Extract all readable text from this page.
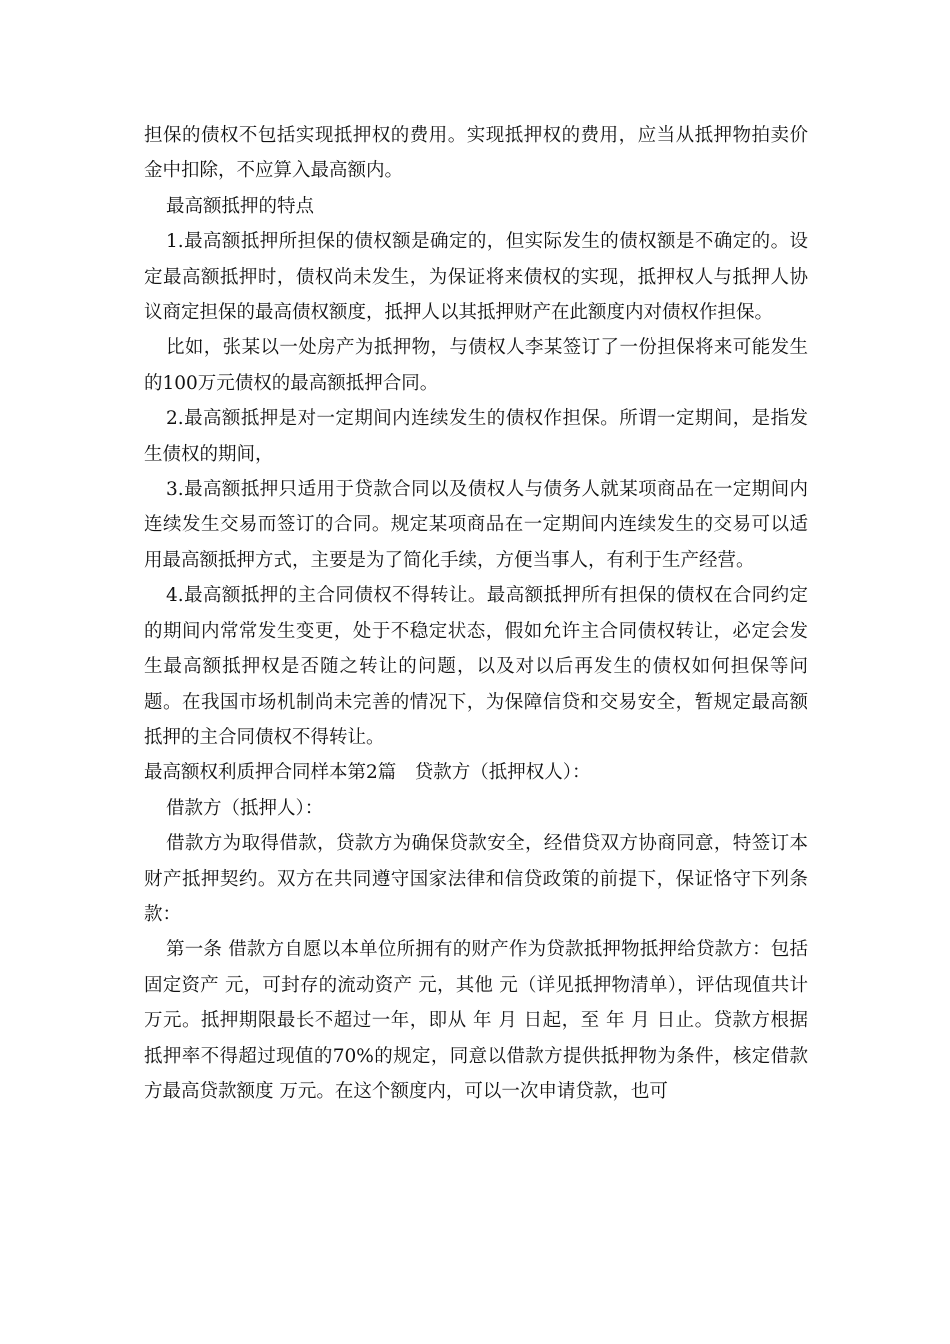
担保的债权不包括实现抵押权的费用。实现抵押权的费用，应当从抵押物拍卖价金中扣除，不应算入最高额内。

最高额抵押的特点

1.最高额抵押所担保的债权额是确定的，但实际发生的债权额是不确定的。设定最高额抵押时，债权尚未发生，为保证将来债权的实现，抵押权人与抵押人协议商定担保的最高债权额度，抵押人以其抵押财产在此额度内对债权作担保。

比如，张某以一处房产为抵押物，与债权人李某签订了一份担保将来可能发生的100万元债权的最高额抵押合同。

2.最高额抵押是对一定期间内连续发生的债权作担保。所谓一定期间，是指发生债权的期间，

3.最高额抵押只适用于贷款合同以及债权人与债务人就某项商品在一定期间内连续发生交易而签订的合同。规定某项商品在一定期间内连续发生的交易可以适用最高额抵押方式，主要是为了简化手续，方便当事人，有利于生产经营。

4.最高额抵押的主合同债权不得转让。最高额抵押所有担保的债权在合同约定的期间内常常发生变更，处于不稳定状态，假如允许主合同债权转让，必定会发生最高额抵押权是否随之转让的问题，以及对以后再发生的债权如何担保等问题。在我国市场机制尚未完善的情况下，为保障信贷和交易安全，暂规定最高额抵押的主合同债权不得转让。

最高额权利质押合同样本第2篇　贷款方（抵押权人）：

借款方（抵押人）：

借款方为取得借款，贷款方为确保贷款安全，经借贷双方协商同意，特签订本财产抵押契约。双方在共同遵守国家法律和信贷政策的前提下，保证恪守下列条款：

第一条 借款方自愿以本单位所拥有的财产作为贷款抵押物抵押给贷款方：包括固定资产 元，可封存的流动资产 元，其他 元（详见抵押物清单），评估现值共计 万元。抵押期限最长不超过一年，即从 年 月 日起，至 年 月 日止。贷款方根据抵押率不得超过现值的70%的规定，同意以借款方提供抵押物为条件，核定借款方最高贷款额度 万元。在这个额度内，可以一次申请贷款，也可
